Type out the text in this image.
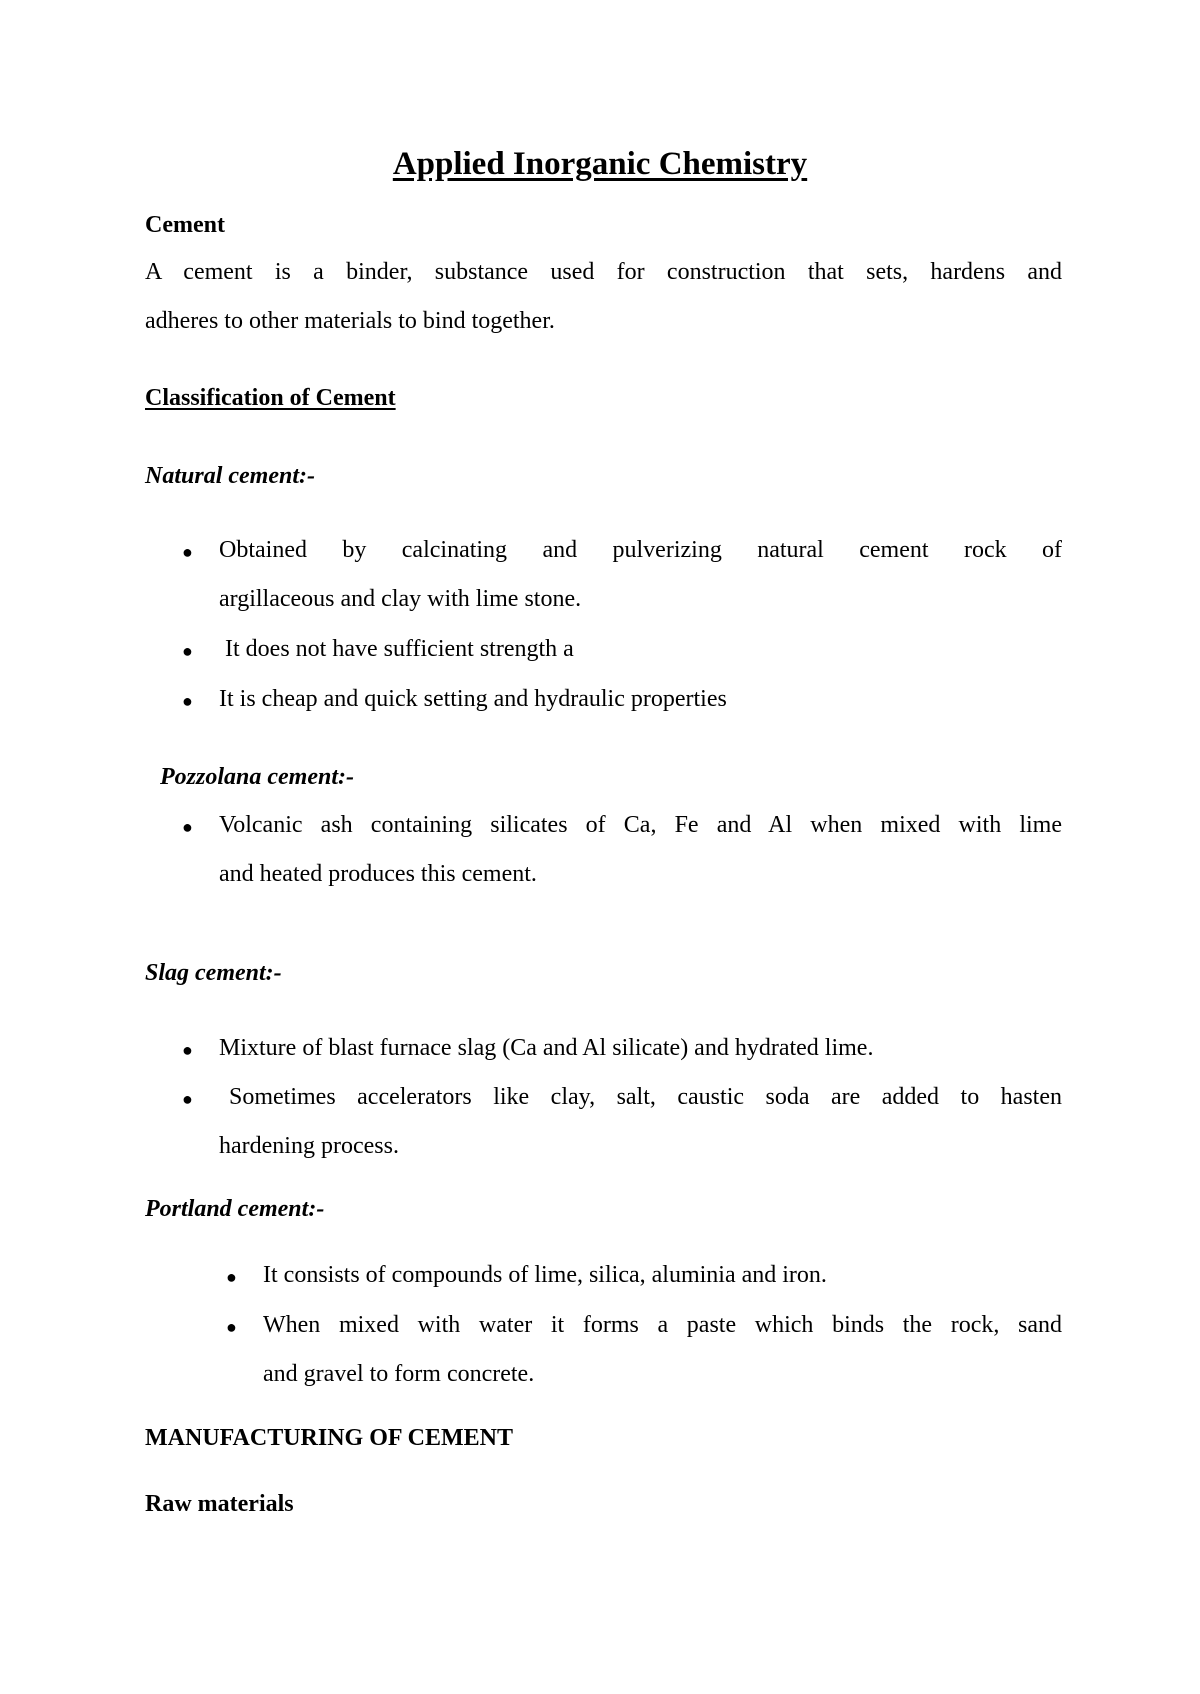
Applied Inorganic Chemistry
Cement
A cement is a binder, substance used for construction that sets, hardens and
adheres to other materials to bind together.
Classification of Cement
Natural cement:-
● Obtained by calcinating and pulverizing natural cement rock of
argillaceous and clay with lime stone.
● It does not have sufficient strength a
● It is cheap and quick setting and hydraulic properties
Pozzolana cement:-
● Volcanic ash containing silicates of Ca, Fe and Al when mixed with lime
and heated produces this cement.
Slag cement:-
● Mixture of blast furnace slag (Ca and Al silicate) and hydrated lime.
● Sometimes accelerators like clay, salt, caustic soda are added to hasten
hardening process.
Portland cement:-
● It consists of compounds of lime, silica, aluminia and iron.
● When mixed with water it forms a paste which binds the rock, sand
and gravel to form concrete.
MANUFACTURING OF CEMENT
Raw materials
